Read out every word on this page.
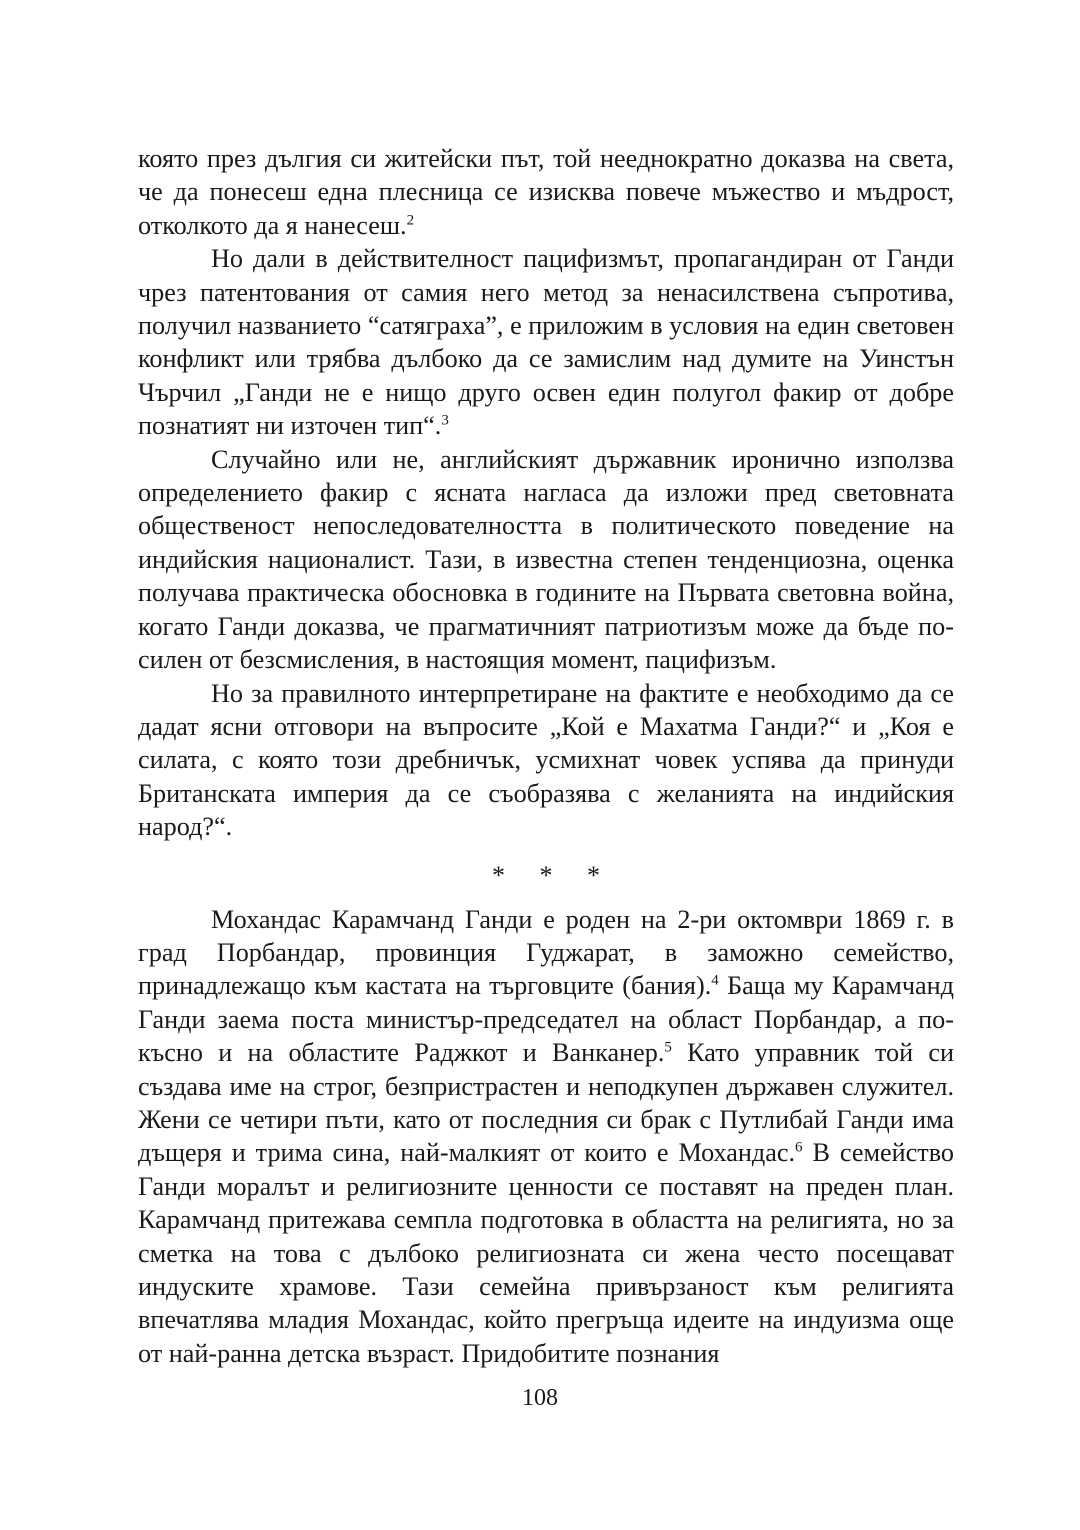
която през дългия си житейски път, той нееднократно доказва на света, че да понесеш една плесница се изисква повече мъжество и мъдрост, отколкото да я нанесеш.$^2$

Но дали в действителност пацифизмът, пропагандиран от Ганди чрез патентования от самия него метод за ненасилствена съпротивa, получил названието “сатяграха”, е приложим в условия на един световен конфликт или трябва дълбоко да се замислим над думите на Уинстън Чърчил „Ганди не е нищо друго освен един полугол факир от добре познатият ни източен тип“.$^3$

Случайно или не, английският държавник иронично използва определението факир с ясната нагласа да изложи пред световната общественост непоследователността в политическото поведение на индийския националист. Тази, в известна степен тенденциозна, оценка получава практическа обосновка в годините на Първата световна война, когато Ганди доказва, че прагматичният патриотизъм може да бъде по-силен от безсмисления, в настоящия момент, пацифизъм.

Но за правилното интерпретиране на фактите е необходимо да се дадат ясни отговори на въпросите „Кой е Махатма Ганди?“ и „Коя е силата, с която този дребничък, усмихнат човек успява да принуди Британската империя да се съобразява с желанията на индийския народ?“.

* * *

Мохандас Карамчанд Ганди е роден на 2-ри октомври 1869 г. в град Порбандар, провинция Гуджарат, в заможно семейство, принадлежащо към кастата на търговците (бания).$^4$ Баща му Карамчанд Ганди заема поста министър-председател на област Порбандар, а по-късно и на областите Раджкот и Ванканер.$^5$ Като управник той си създава име на строг, безпристрастен и неподкупен държавен служител. Жени се четири пъти, като от последния си брак с Путлибай Ганди има дъщеря и трима сина, най-малкият от които е Мохандас.$^6$ В семейство Ганди моралът и религиозните ценности се поставят на преден план. Карамчанд притежава семпла подготовка в областта на религията, но за сметка на това с дълбоко религиозната си жена често посещават индуските храмове. Тази семейна привързаност към религията впечатлява младия Мохандас, който прегръща идеите на индуизма още от най-ранна детска възраст. Придобитите познания

108
